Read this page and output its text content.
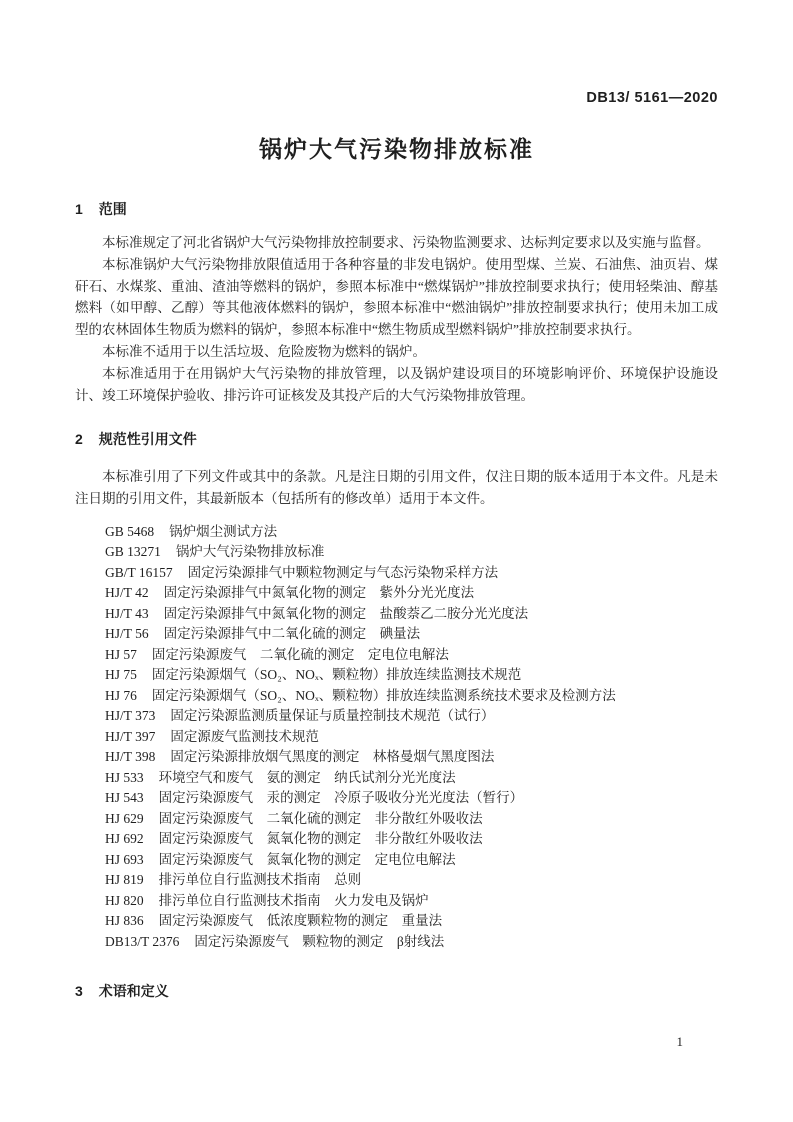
DB13/ 5161—2020
锅炉大气污染物排放标准
1 范围

本标准规定了河北省锅炉大气污染物排放控制要求、污染物监测要求、达标判定要求以及实施与监督。

本标准锅炉大气污染物排放限值适用于各种容量的非发电锅炉。使用型煤、兰炭、石油焦、油页岩、煤矸石、水煤浆、重油、渣油等燃料的锅炉，参照本标准中“燃煤锅炉”排放控制要求执行；使用轻柴油、醇基燃料（如甲醇、乙醇）等其他液体燃料的锅炉，参照本标准中“燃油锅炉”排放控制要求执行；使用未加工成型的农林固体生物质为燃料的锅炉，参照本标准中“燃生物质成型燃料锅炉”排放控制要求执行。

本标准不适用于以生活垃圾、危险废物为燃料的锅炉。

本标准适用于在用锅炉大气污染物的排放管理，以及锅炉建设项目的环境影响评价、环境保护设施设计、竣工环境保护验收、排污许可证核发及其投产后的大气污染物排放管理。

2 规范性引用文件

本标准引用了下列文件或其中的条款。凡是注日期的引用文件，仅注日期的版本适用于本文件。凡是未注日期的引用文件，其最新版本（包括所有的修改单）适用于本文件。

GB 5468 锅炉烟尘测试方法
GB 13271 锅炉大气污染物排放标准
GB/T 16157 固定污染源排气中颗粒物测定与气态污染物采样方法
HJ/T 42 固定污染源排气中氮氧化物的测定　紫外分光光度法
HJ/T 43 固定污染源排气中氮氧化物的测定　盐酸萘乙二胺分光光度法
HJ/T 56 固定污染源排气中二氧化硫的测定　碘量法
HJ 57 固定污染源废气　二氧化硫的测定　定电位电解法
HJ 75 固定污染源烟气（SO₂、NOₓ、颗粒物）排放连续监测技术规范
HJ 76 固定污染源烟气（SO₂、NOₓ、颗粒物）排放连续监测系统技术要求及检测方法
HJ/T 373 固定污染源监测质量保证与质量控制技术规范（试行）
HJ/T 397 固定源废气监测技术规范
HJ/T 398 固定污染源排放烟气黑度的测定　林格曼烟气黑度图法
HJ 533 环境空气和废气　氨的测定　纳氏试剂分光光度法
HJ 543 固定污染源废气　汞的测定　冷原子吸收分光光度法（暂行）
HJ 629 固定污染源废气　二氧化硫的测定　非分散红外吸收法
HJ 692 固定污染源废气　氮氧化物的测定　非分散红外吸收法
HJ 693 固定污染源废气　氮氧化物的测定　定电位电解法
HJ 819 排污单位自行监测技术指南　总则
HJ 820 排污单位自行监测技术指南　火力发电及锅炉
HJ 836 固定污染源废气　低浓度颗粒物的测定　重量法
DB13/T 2376 固定污染源废气　颗粒物的测定　β射线法
3 术语和定义
1
